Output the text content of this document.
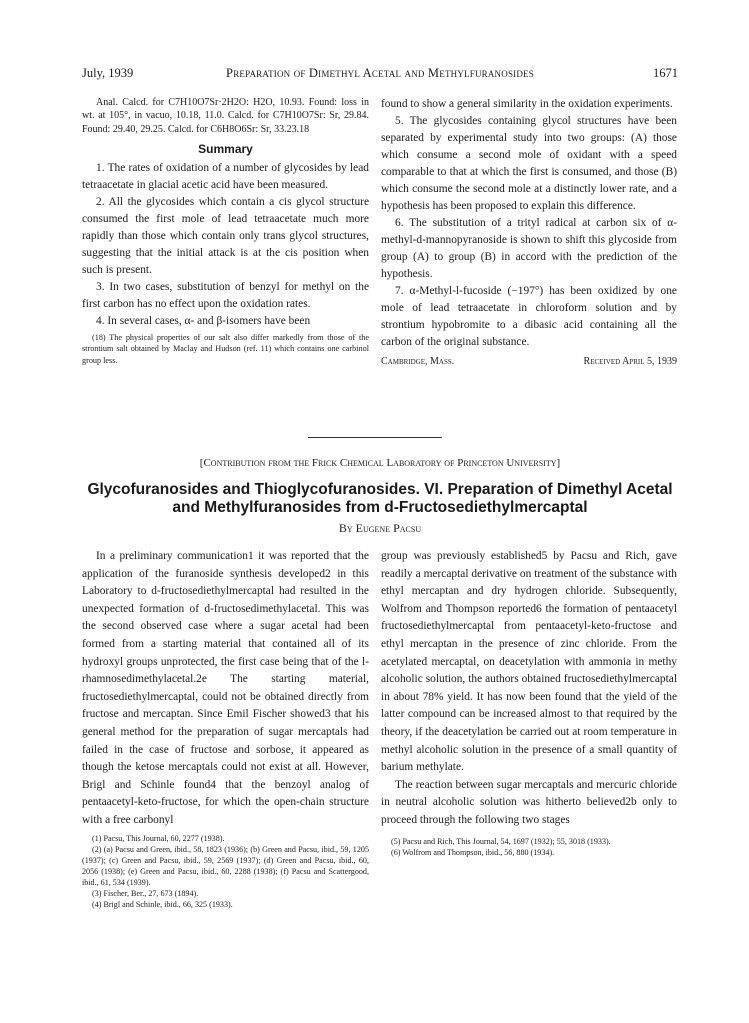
July, 1939	Preparation of Dimethyl Acetal and Methylfuranosides	1671

Anal. Calcd. for C7H10O7Sr·2H2O: H2O, 10.93. Found: loss in wt. at 105°, in vacuo, 10.18, 11.0. Calcd. for C7H10O7Sr: Sr, 29.84. Found: 29.40, 29.25. Calcd. for C6H8O6Sr: Sr, 33.23.18

Summary

1. The rates of oxidation of a number of glycosides by lead tetraacetate in glacial acetic acid have been measured.

2. All the glycosides which contain a cis glycol structure consumed the first mole of lead tetraacetate much more rapidly than those which contain only trans glycol structures, suggesting that the initial attack is at the cis position when such is present.

3. In two cases, substitution of benzyl for methyl on the first carbon has no effect upon the oxidation rates.

4. In several cases, α- and β-isomers have been

(18) The physical properties of our salt also differ markedly from those of the strontium salt obtained by Maclay and Hudson (ref. 11) which contains one carbinol group less.

found to show a general similarity in the oxidation experiments.

5. The glycosides containing glycol structures have been separated by experimental study into two groups: (A) those which consume a second mole of oxidant with a speed comparable to that at which the first is consumed, and those (B) which consume the second mole at a distinctly lower rate, and a hypothesis has been proposed to explain this difference.

6. The substitution of a trityl radical at carbon six of α-methyl-d-mannopyranoside is shown to shift this glycoside from group (A) to group (B) in accord with the prediction of the hypothesis.

7. α-Methyl-l-fucoside (−197°) has been oxidized by one mole of lead tetraacetate in chloroform solution and by strontium hypobromite to a dibasic acid containing all the carbon of the original substance.

Cambridge, Mass.	Received April 5, 1939
[Contribution from the Frick Chemical Laboratory of Princeton University]
Glycofuranosides and Thioglycofuranosides. VI. Preparation of Dimethyl Acetal
and Methylfuranosides from d-Fructosediethylmercaptal
By Eugene Pacsu

In a preliminary communication1 it was reported that the application of the furanoside synthesis developed2 in this Laboratory to d-fructosediethylmercaptal had resulted in the unexpected formation of d-fructosedimethylacetal. This was the second observed case where a sugar acetal had been formed from a starting material that contained all of its hydroxyl groups unprotected, the first case being that of the l-rhamnosedimethylacetal.2e The starting material, fructosediethylmercaptal, could not be obtained directly from fructose and mercaptan. Since Emil Fischer showed3 that his general method for the preparation of sugar mercaptals had failed in the case of fructose and sorbose, it appeared as though the ketose mercaptals could not exist at all. However, Brigl and Schinle found4 that the benzoyl analog of pentaacetyl-keto-fructose, for which the open-chain structure with a free carbonyl

(1) Pacsu, This Journal, 60, 2277 (1938).

(2) (a) Pacsu and Green, ibid., 58, 1823 (1936); (b) Green and Pacsu, ibid., 59, 1205 (1937); (c) Green and Pacsu, ibid., 59, 2569 (1937); (d) Green and Pacsu, ibid., 60, 2056 (1938); (e) Green and Pacsu, ibid., 60, 2288 (1938); (f) Pacsu and Scattergood, ibid., 61, 534 (1939).

(3) Fischer, Ber., 27, 673 (1894).

(4) Brigl and Schinle, ibid., 66, 325 (1933).

group was previously established5 by Pacsu and Rich, gave readily a mercaptal derivative on treatment of the substance with ethyl mercaptan and dry hydrogen chloride. Subsequently, Wolfrom and Thompson reported6 the formation of pentaacetyl fructosediethylmercaptal from pentaacetyl-keto-fructose and ethyl mercaptan in the presence of zinc chloride. From the acetylated mercaptal, on deacetylation with ammonia in methy alcoholic solution, the authors obtained fructosediethylmercaptal in about 78% yield. It has now been found that the yield of the latter compound can be increased almost to that required by the theory, if the deacetylation be carried out at room temperature in methyl alcoholic solution in the presence of a small quantity of barium methylate.

The reaction between sugar mercaptals and mercuric chloride in neutral alcoholic solution was hitherto believed2b only to proceed through the following two stages

(5) Pacsu and Rich, This Journal, 54, 1697 (1932); 55, 3018 (1933).

(6) Wolfrom and Thompson, ibid., 56, 880 (1934).
